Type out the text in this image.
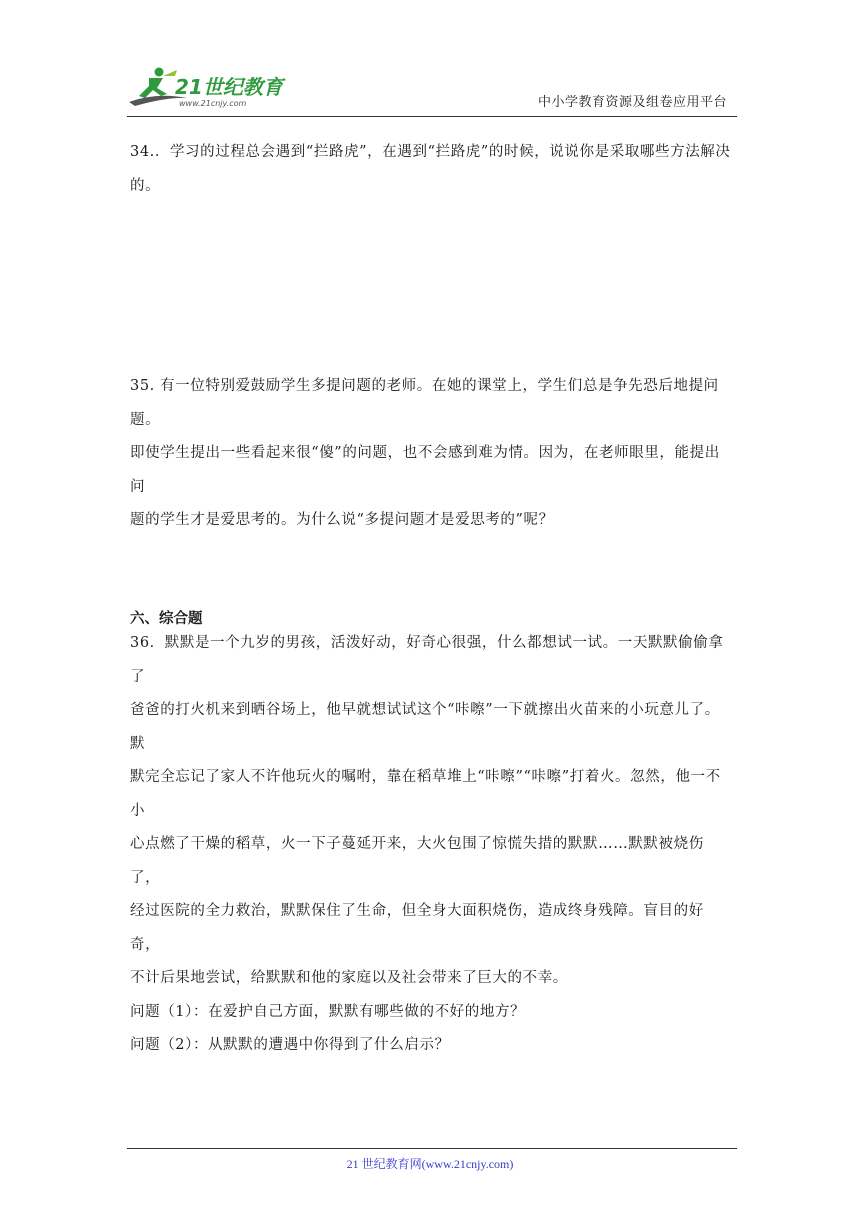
21世纪教育
www.21cnjy.com	中小学教育资源及组卷应用平台

34.．学习的过程总会遇到“拦路虎”，在遇到“拦路虎”的时候，说说你是采取哪些方法解决

的。

35. 有一位特别爱鼓励学生多提问题的老师。在她的课堂上，学生们总是争先恐后地提问题。

即使学生提出一些看起来很“傻”的问题，也不会感到难为情。因为，在老师眼里，能提出问

题的学生才是爱思考的。为什么说“多提问题才是爱思考的”呢？

六、综合题

36．默默是一个九岁的男孩，活泼好动，好奇心很强，什么都想试一试。一天默默偷偷拿了

爸爸的打火机来到晒谷场上，他早就想试试这个“咔嚓”一下就擦出火苗来的小玩意儿了。默

默完全忘记了家人不许他玩火的嘱咐，靠在稻草堆上“咔嚓”“咔嚓”打着火。忽然，他一不小

心点燃了干燥的稻草，火一下子蔓延开来，大火包围了惊慌失措的默默……默默被烧伤了，

经过医院的全力救治，默默保住了生命，但全身大面积烧伤，造成终身残障。盲目的好奇，

不计后果地尝试，给默默和他的家庭以及社会带来了巨大的不幸。

问题（1）：在爱护自己方面，默默有哪些做的不好的地方？

问题（2）：从默默的遭遇中你得到了什么启示？

21 世纪教育网(www.21cnjy.com)
